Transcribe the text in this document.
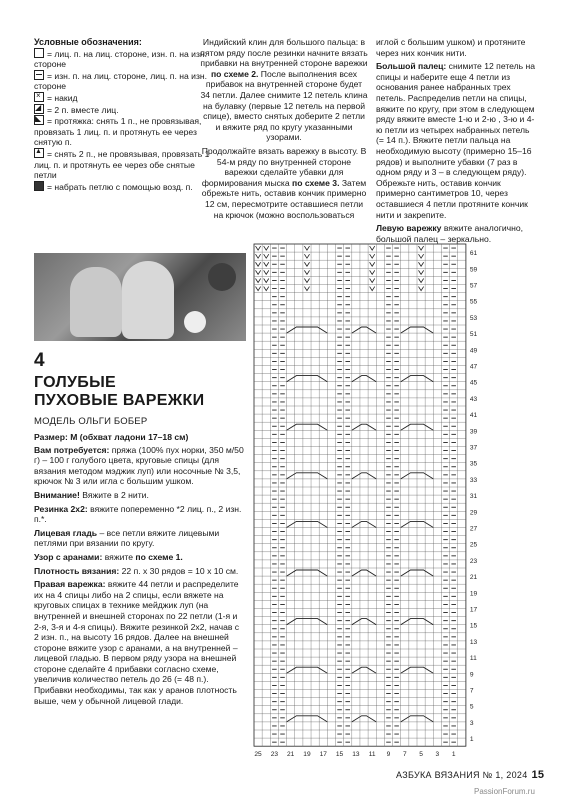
Условные обозначения:

= лиц. п. на лиц. стороне, изн. п. на изн. стороне

= изн. п. на лиц. стороне, лиц. п. на изн. стороне

×= накид

◢= 2 п. вместе лиц.

◣= протяжка: снять 1 п., не провязывая, провязать 1 лиц. п. и протянуть ее через снятую п.

▲= снять 2 п., не провязывая, провязать 1 лиц. п. и протянуть ее через обе снятые петли

= набрать петлю с помощью возд. п.

4
ГОЛУБЫЕ
ПУХОВЫЕ ВАРЕЖКИ
МОДЕЛЬ ОЛЬГИ БОБЕР

Размер: М (обхват ладони 17–18 см)

Вам потребуется: пряжа (100% пух норки, 350 м/50 г) – 100 г голубого цвета, круговые спицы (для вязания методом мэджик луп) или носочные № 3,5, крючок № 3 или игла с большим ушком.

Внимание! Вяжите в 2 нити.

Резинка 2х2: вяжите попеременно *2 лиц. п., 2 изн. п.*.

Лицевая гладь – все петли вяжите лицевыми петлями при вязании по кругу.

Узор с аранами: вяжите по схеме 1.

Плотность вязания: 22 п. х 30 рядов = 10 х 10 см.

Правая варежка: вяжите 44 петли и распределите их на 4 спицы либо на 2 спицы, если вяжете на круговых спицах в технике мейджик луп (на внутренней и внешней сторонах по 22 петли (1-я и 2-я, 3-я и 4-я спицы). Вяжите резинкой 2х2, начав с 2 изн. п., на высоту 16 рядов. Далее на внешней стороне вяжите узор с аранами, а на внутренней – лицевой гладью. В первом ряду узора на внешней стороне сделайте 4 прибавки согласно схеме, увеличив количество петель до 26 (= 48 п.). Прибавки необходимы, так как у аранов плотность выше, чем у обычной лицевой глади.

Индийский клин для большого пальца: в пятом ряду после резинки начните вязать прибавки на внутренней стороне варежки по схеме 2. После выполнения всех прибавок на внутренней стороне будет 34 петли. Далее снимите 12 петель клина на булавку (первые 12 петель на первой спице), вместо снятых доберите 2 петли и вяжите ряд по кругу указанными узорами.

Продолжайте вязать варежку в высоту. В 54-м ряду по внутренней стороне варежки сделайте убавки для формирования мыска по схеме 3. Затем обрежьте нить, оставив кончик примерно 12 см, пересмотрите оставшиеся петли на крючок (можно воспользоваться

иглой с большим ушком) и протяните через них кончик нити.

Большой палец: снимите 12 петель на спицы и наберите еще 4 петли из основания ранее набранных трех петель. Распределив петли на спицы, вяжите по кругу, при этом в следующем ряду вяжите вместе 1-ю и 2-ю , 3-ю и 4-ю петли из четырех набранных петель (= 14 п.). Вяжите петли пальца на необходимую высоту (примерно 15–16 рядов) и выполните убавки (7 раз в одном ряду и 3 – в следующем ряду). Обрежьте нить, оставив кончик примерно сантиметров 10, через оставшиеся 4 петли протяните кончик нити и закрепите.

Левую варежку вяжите аналогично, большой палец – зеркально.

61
59
57
55
53
51
49
47
45
43
41
39
37
35
33
31
29
27
25
23
21
19
17
15
13
11
9
7
5
3
1
25 23 21 19 17 15 13 11 9 7 5 3 1
АЗБУКА ВЯЗАНИЯ № 1, 2024 15
PassionForum.ru
